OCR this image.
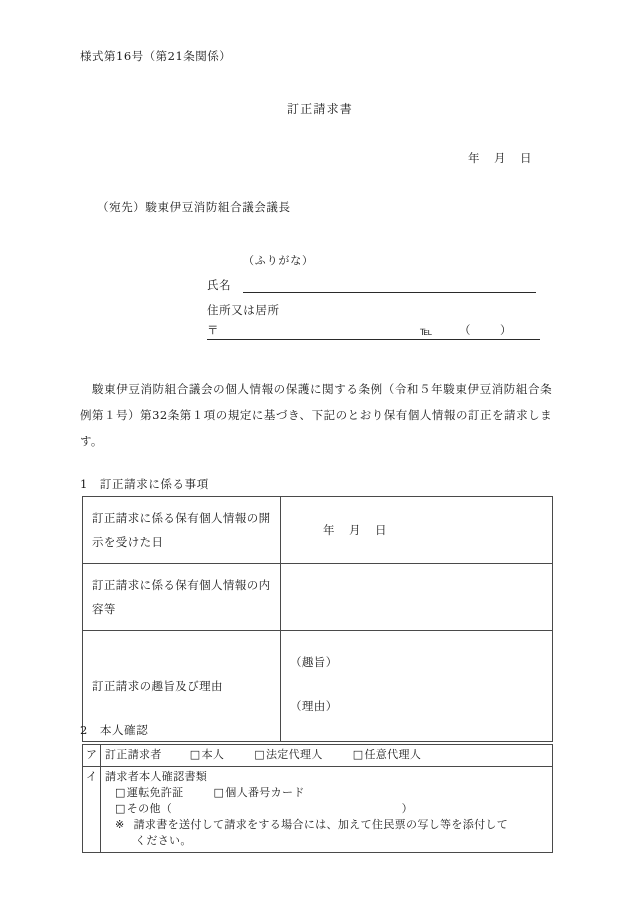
様式第16号（第21条関係）
訂正請求書
年 月 日
（宛先）駿東伊豆消防組合議会議長
（ふりがな）
氏名
住所又は居所
〒	℡ （　）

駿東伊豆消防組合議会の個人情報の保護に関する条例（令和５年駿東伊豆消防組合条例第１号）第32条第１項の規定に基づき、下記のとおり保有個人情報の訂正を請求します。

1 訂正請求に係る事項
訂正請求に係る保有個人情報の開示を受けた日	年 月 日

訂正請求に係る保有個人情報の内容等	
訂正請求の趣旨及び理由	（趣旨）
（理由）
2 本人確認
ア	訂正請求者 □本人 □法定代理人 □任意代理人
イ	請求者本人確認書類
□運転免許証 □個人番号カード
□その他（ ）
※ 請求書を送付して請求をする場合には、加えて住民票の写し等を添付して
ください。
